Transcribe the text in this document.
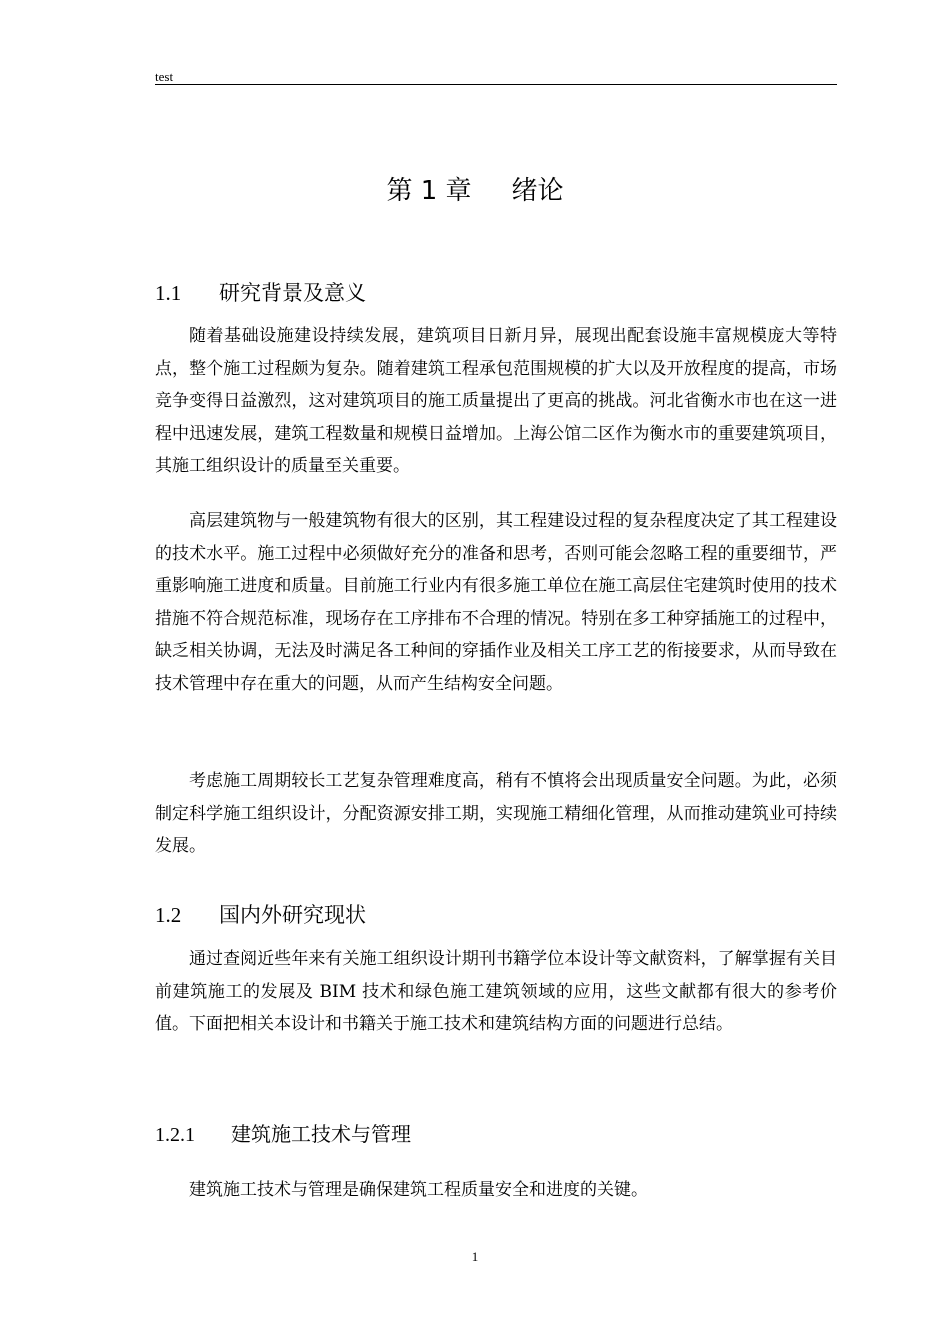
test
第 1 章 绪论
1.1 研究背景及意义

随着基础设施建设持续发展，建筑项目日新月异，展现出配套设施丰富规模庞大等特点，整个施工过程颇为复杂。随着建筑工程承包范围规模的扩大以及开放程度的提高，市场竞争变得日益激烈，这对建筑项目的施工质量提出了更高的挑战。河北省衡水市也在这一进程中迅速发展，建筑工程数量和规模日益增加。上海公馆二区作为衡水市的重要建筑项目，其施工组织设计的质量至关重要。

高层建筑物与一般建筑物有很大的区别，其工程建设过程的复杂程度决定了其工程建设的技术水平。施工过程中必须做好充分的准备和思考，否则可能会忽略工程的重要细节，严重影响施工进度和质量。目前施工行业内有很多施工单位在施工高层住宅建筑时使用的技术措施不符合规范标准，现场存在工序排布不合理的情况。特别在多工种穿插施工的过程中，缺乏相关协调，无法及时满足各工种间的穿插作业及相关工序工艺的衔接要求，从而导致在技术管理中存在重大的问题，从而产生结构安全问题。

考虑施工周期较长工艺复杂管理难度高，稍有不慎将会出现质量安全问题。为此，必须制定科学施工组织设计，分配资源安排工期，实现施工精细化管理，从而推动建筑业可持续发展。

1.2 国内外研究现状

通过查阅近些年来有关施工组织设计期刊书籍学位本设计等文献资料，了解掌握有关目前建筑施工的发展及 BIM 技术和绿色施工建筑领域的应用，这些文献都有很大的参考价值。下面把相关本设计和书籍关于施工技术和建筑结构方面的问题进行总结。

1.2.1 建筑施工技术与管理

建筑施工技术与管理是确保建筑工程质量安全和进度的关键。

1
